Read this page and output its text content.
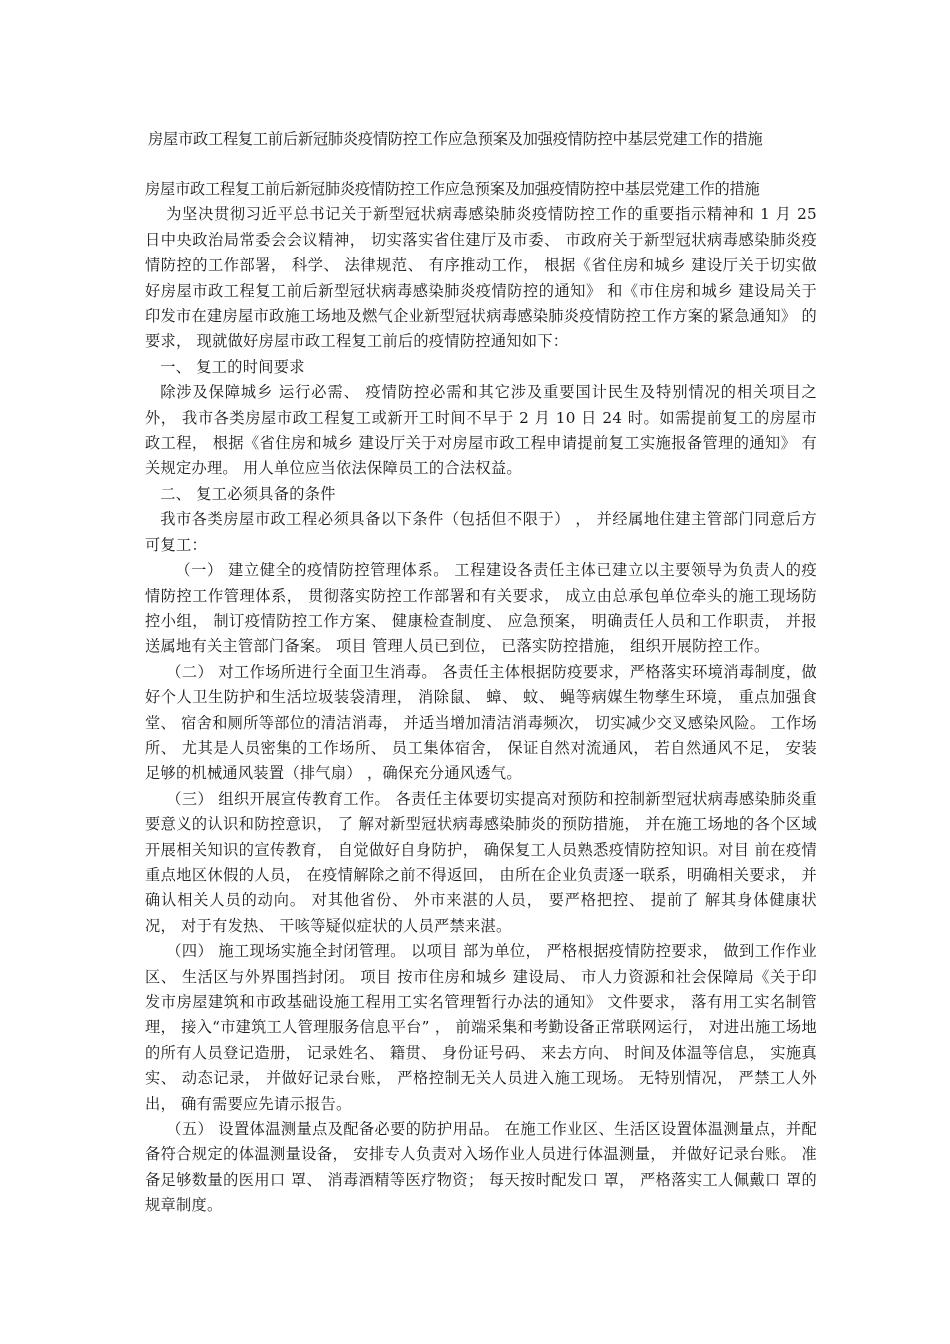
房屋市政工程复工前后新冠肺炎疫情防控工作应急预案及加强疫情防控中基层党建工作的措施

房屋市政工程复工前后新冠肺炎疫情防控工作应急预案及加强疫情防控中基层党建工作的措施

为坚决贯彻习近平总书记关于新型冠状病毒感染肺炎疫情防控工作的重要指示精神和 1 月 25 日中央政治局常委会会议精神， 切实落实省住建厅及市委、 市政府关于新型冠状病毒感染肺炎疫情防控的工作部署， 科学、 法律规范、 有序推动工作， 根据《省住房和城乡 建设厅关于切实做好房屋市政工程复工前后新型冠状病毒感染肺炎疫情防控的通知》 和《市住房和城乡 建设局关于印发市在建房屋市政施工场地及燃气企业新型冠状病毒感染肺炎疫情防控工作方案的紧急通知》 的要求， 现就做好房屋市政工程复工前后的疫情防控通知如下：

一、 复工的时间要求

除涉及保障城乡 运行必需、 疫情防控必需和其它涉及重要国计民生及特别情况的相关项目之外， 我市各类房屋市政工程复工或新开工时间不早于 2 月 10 日 24 时。如需提前复工的房屋市政工程， 根据《省住房和城乡 建设厅关于对房屋市政工程申请提前复工实施报备管理的通知》 有关规定办理。 用人单位应当依法保障员工的合法权益。

二、 复工必须具备的条件

我市各类房屋市政工程必须具备以下条件（包括但不限于） ， 并经属地住建主管部门同意后方可复工：

（一） 建立健全的疫情防控管理体系。 工程建设各责任主体已建立以主要领导为负责人的疫情防控工作管理体系， 贯彻落实防控工作部署和有关要求， 成立由总承包单位牵头的施工现场防控小组， 制订疫情防控工作方案、 健康检查制度、 应急预案， 明确责任人员和工作职责， 并报送属地有关主管部门备案。 项目 管理人员已到位， 已落实防控措施， 组织开展防控工作。

（二） 对工作场所进行全面卫生消毒。 各责任主体根据防疫要求，严格落实环境消毒制度，做好个人卫生防护和生活垃圾装袋清理， 消除鼠、 蟑、 蚊、 蝇等病媒生物孳生环境， 重点加强食堂、 宿舍和厕所等部位的清洁消毒， 并适当增加清洁消毒频次， 切实减少交叉感染风险。 工作场所、 尤其是人员密集的工作场所、 员工集体宿舍， 保证自然对流通风， 若自然通风不足， 安装足够的机械通风装置（排气扇） ，确保充分通风透气。

（三） 组织开展宣传教育工作。 各责任主体要切实提高对预防和控制新型冠状病毒感染肺炎重要意义的认识和防控意识， 了 解对新型冠状病毒感染肺炎的预防措施， 并在施工场地的各个区域开展相关知识的宣传教育， 自觉做好自身防护， 确保复工人员熟悉疫情防控知识。对目 前在疫情重点地区休假的人员， 在疫情解除之前不得返回， 由所在企业负责逐一联系，明确相关要求， 并确认相关人员的动向。 对其他省份、 外市来湛的人员， 要严格把控、 提前了 解其身体健康状况， 对于有发热、 干咳等疑似症状的人员严禁来湛。

（四） 施工现场实施全封闭管理。 以项目 部为单位， 严格根据疫情防控要求， 做到工作作业区、 生活区与外界围挡封闭。 项目 按市住房和城乡 建设局、 市人力资源和社会保障局《关于印发市房屋建筑和市政基础设施工程用工实名管理暂行办法的通知》 文件要求， 落有用工实名制管理， 接入“市建筑工人管理服务信息平台” ， 前端采集和考勤设备正常联网运行， 对进出施工场地的所有人员登记造册， 记录姓名、 籍贯、 身份证号码、 来去方向、 时间及体温等信息， 实施真实、 动态记录， 并做好记录台账， 严格控制无关人员进入施工现场。 无特别情况， 严禁工人外出， 确有需要应先请示报告。

（五） 设置体温测量点及配备必要的防护用品。 在施工作业区、生活区设置体温测量点，并配备符合规定的体温测量设备， 安排专人负责对入场作业人员进行体温测量， 并做好记录台账。 准备足够数量的医用口 罩、 消毒酒精等医疗物资； 每天按时配发口 罩， 严格落实工人佩戴口 罩的规章制度。
